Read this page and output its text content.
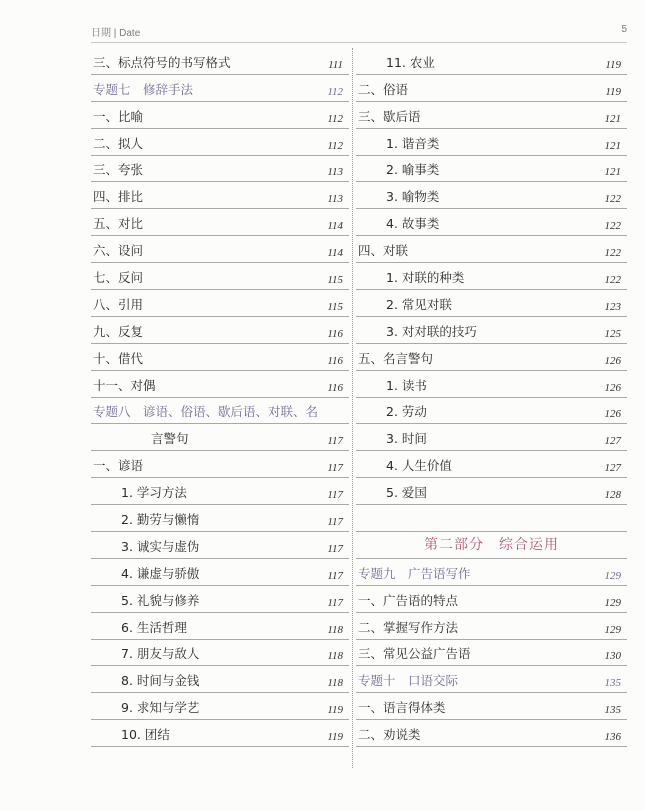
日期 | Date	5
三、标点符号的书写格式	111
专题七　修辞手法	112
一、比喻	112
二、拟人	112
三、夸张	113
四、排比	113
五、对比	114
六、设问	114
七、反问	115
八、引用	115
九、反复	116
十、借代	116
十一、对偶	116
专题八　谚语、俗语、歇后语、对联、名
言警句	117
一、谚语	117
1. 学习方法	117
2. 勤劳与懒惰	117
3. 诚实与虚伪	117
4. 谦虚与骄傲	117
5. 礼貌与修养	117
6. 生活哲理	118
7. 朋友与敌人	118
8. 时间与金钱	118
9. 求知与学艺	119
10. 团结	119
11. 农业	119
二、俗语	119
三、歇后语	121
1. 谐音类	121
2. 喻事类	121
3. 喻物类	122
4. 故事类	122
四、对联	122
1. 对联的种类	122
2. 常见对联	123
3. 对对联的技巧	125
五、名言警句	126
1. 读书	126
2. 劳动	126
3. 时间	127
4. 人生价值	127
5. 爱国	128
第二部分　综合运用
专题九　广告语写作	129
一、广告语的特点	129
二、掌握写作方法	129
三、常见公益广告语	130
专题十　口语交际	135
一、语言得体类	135
二、劝说类	136
